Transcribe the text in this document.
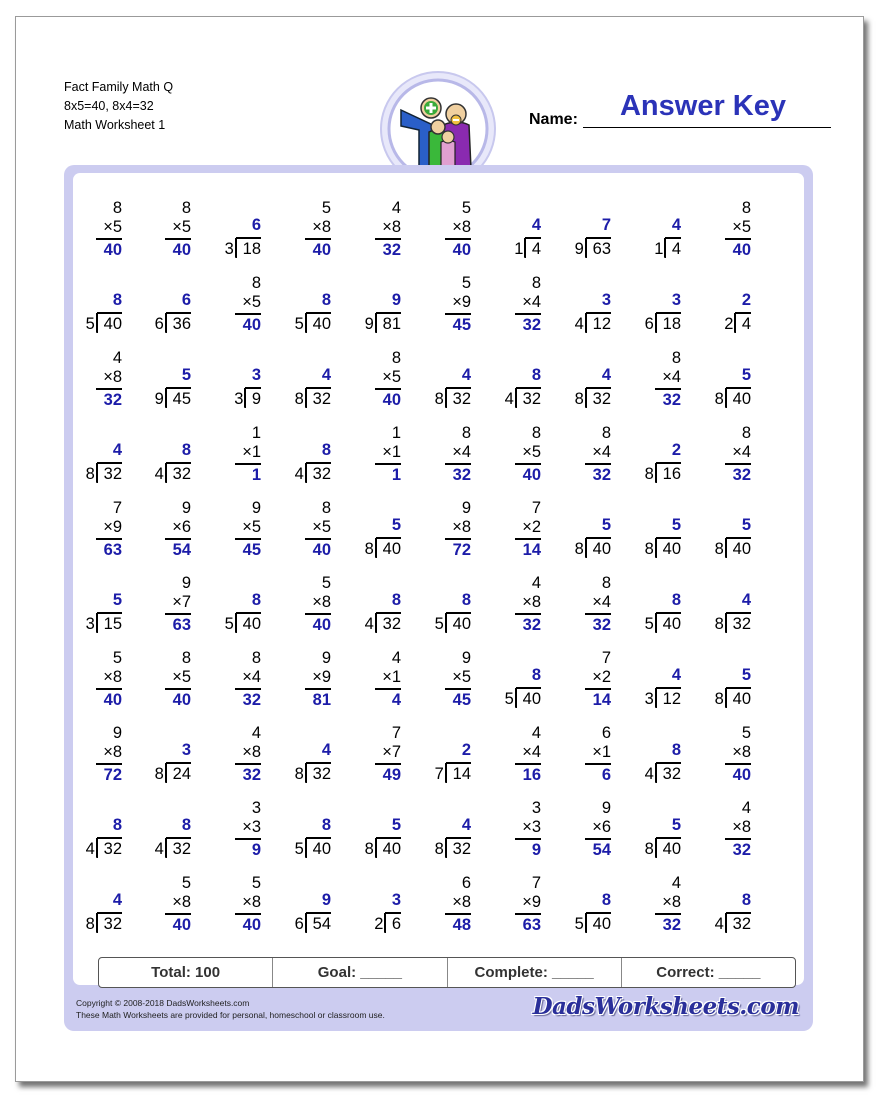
Fact Family Math Q
8x5=40, 8x4=32
Math Worksheet 1
Answer Key
Name:
8
×5
40
8
×5
40
6
18
3
5
×8
40
4
×8
32
5
×8
40
4
4
1
7
63
9
4
4
1
8
×5
40
8
40
5
6
36
6
8
×5
40
8
40
5
9
81
9
5
×9
45
8
×4
32
3
12
4
3
18
6
2
4
2
4
×8
32
5
45
9
3
9
3
4
32
8
8
×5
40
4
32
8
8
32
4
4
32
8
8
×4
32
5
40
8
4
32
8
8
32
4
1
×1
1
8
32
4
1
×1
1
8
×4
32
8
×5
40
8
×4
32
2
16
8
8
×4
32
7
×9
63
9
×6
54
9
×5
45
8
×5
40
5
40
8
9
×8
72
7
×2
14
5
40
8
5
40
8
5
40
8
5
15
3
9
×7
63
8
40
5
5
×8
40
8
32
4
8
40
5
4
×8
32
8
×4
32
8
40
5
4
32
8
5
×8
40
8
×5
40
8
×4
32
9
×9
81
4
×1
4
9
×5
45
8
40
5
7
×2
14
4
12
3
5
40
8
9
×8
72
3
24
8
4
×8
32
4
32
8
7
×7
49
2
14
7
4
×4
16
6
×1
6
8
32
4
5
×8
40
8
32
4
8
32
4
3
×3
9
8
40
5
5
40
8
4
32
8
3
×3
9
9
×6
54
5
40
8
4
×8
32
4
32
8
5
×8
40
5
×8
40
9
54
6
3
6
2
6
×8
48
7
×9
63
8
40
5
4
×8
32
8
32
4
Total: 100	Goal: _____	Complete: _____	Correct: _____
Copyright © 2008-2018 DadsWorksheets.com
These Math Worksheets are provided for personal, homeschool or classroom use.	DadsWorksheets.com
